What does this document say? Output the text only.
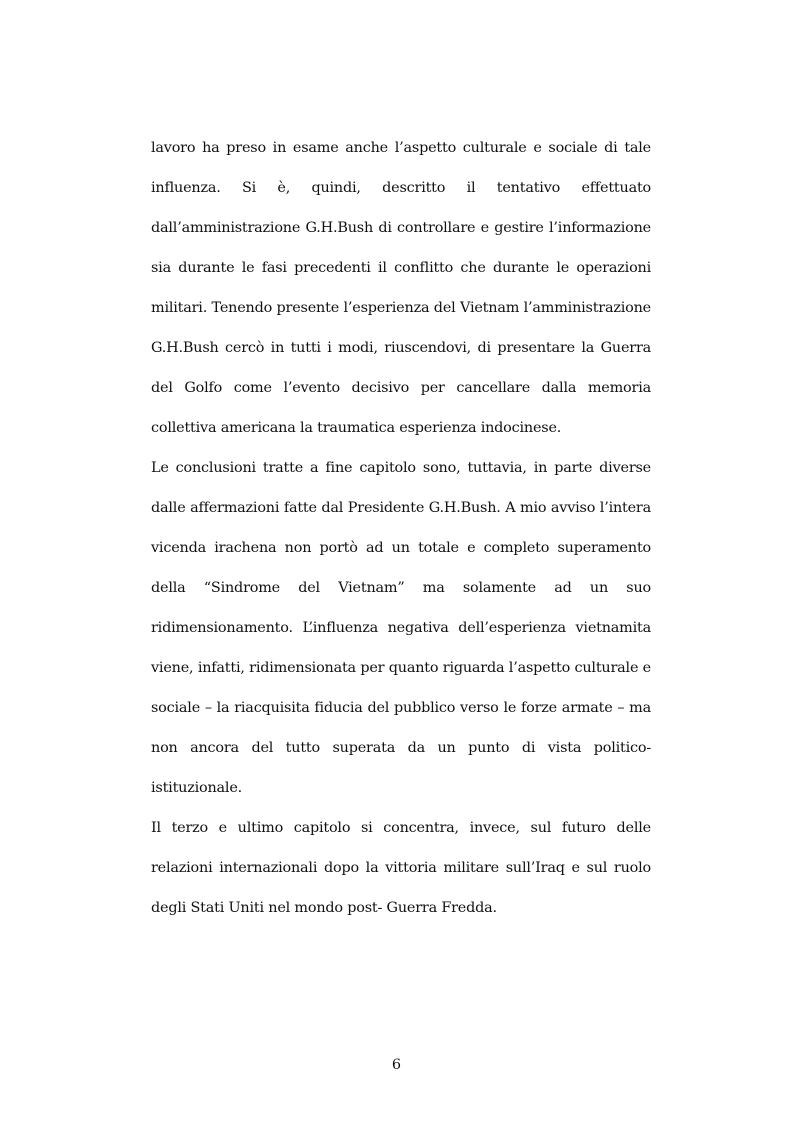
lavoro ha preso in esame anche l’aspetto culturale e sociale di tale influenza. Si è, quindi, descritto il tentativo effettuato dall’amministrazione G.H.Bush di controllare e gestire l’informazione sia durante le fasi precedenti il conflitto che durante le operazioni militari. Tenendo presente l’esperienza del Vietnam l’amministrazione G.H.Bush cercò in tutti i modi, riuscendovi, di presentare la Guerra del Golfo come l’evento decisivo per cancellare dalla memoria collettiva americana la traumatica esperienza indocinese.

Le conclusioni tratte a fine capitolo sono, tuttavia, in parte diverse dalle affermazioni fatte dal Presidente G.H.Bush. A mio avviso l’intera vicenda irachena non portò ad un totale e completo superamento della “Sindrome del Vietnam” ma solamente ad un suo ridimensionamento. L’influenza negativa dell’esperienza vietnamita viene, infatti, ridimensionata per quanto riguarda l’aspetto culturale e sociale – la riacquisita fiducia del pubblico verso le forze armate – ma non ancora del tutto superata da un punto di vista politico-istituzionale.

Il terzo e ultimo capitolo si concentra, invece, sul futuro delle relazioni internazionali dopo la vittoria militare sull’Iraq e sul ruolo degli Stati Uniti nel mondo post- Guerra Fredda.

6
